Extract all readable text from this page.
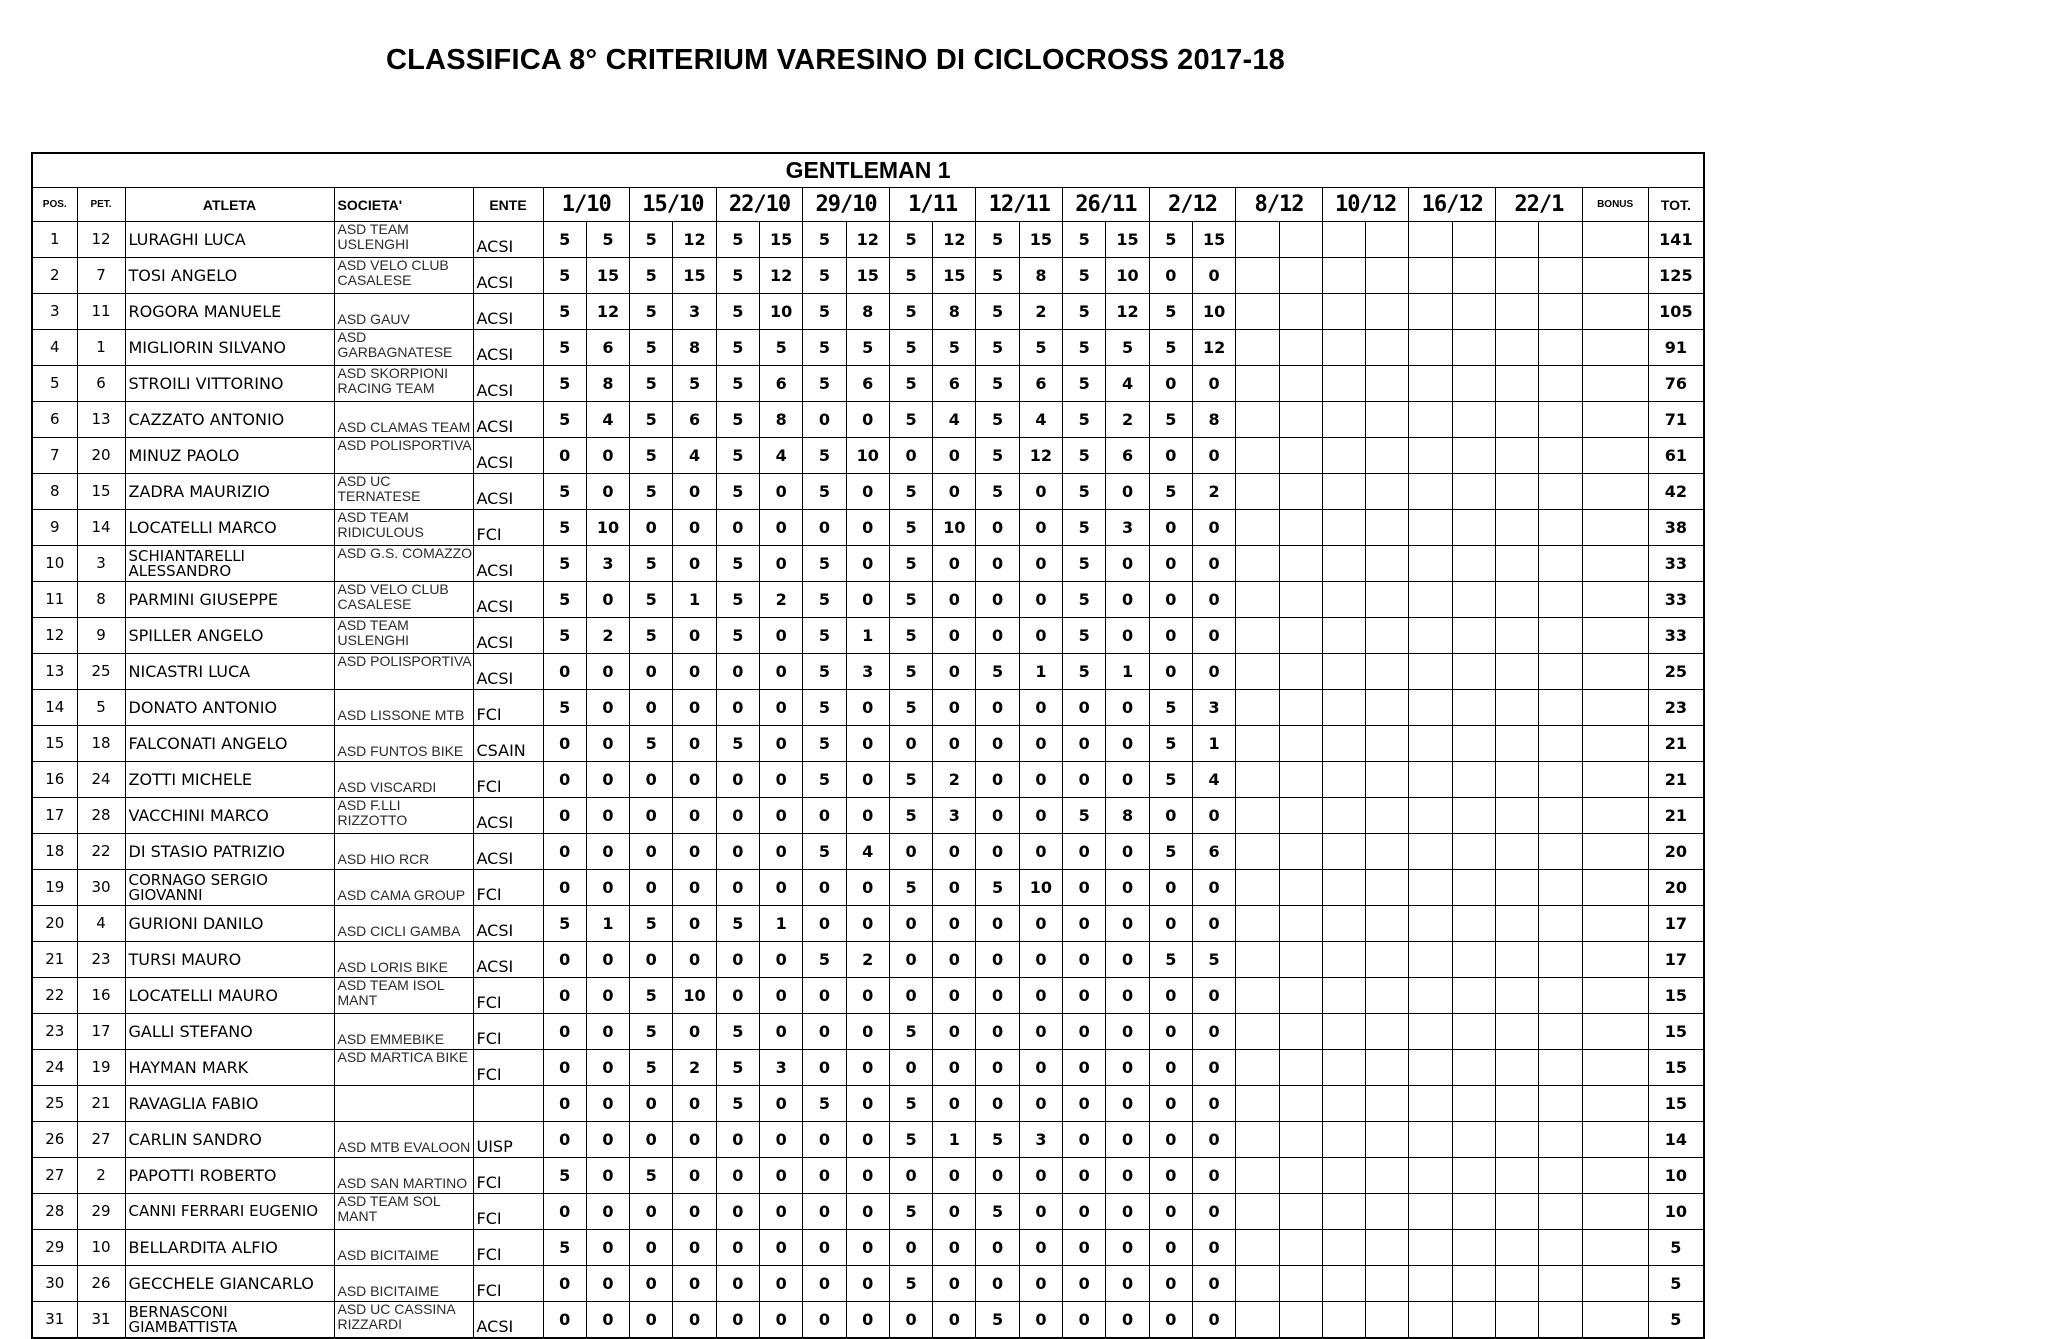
CLASSIFICA 8° CRITERIUM VARESINO DI CICLOCROSS 2017-18
GENTLEMAN 1																														
POS.	PET.	ATLETA	SOCIETA'	ENTE	1/10		15/10		22/10		29/10		1/11		12/11		26/11		2/12		8/12		10/12		16/12		22/1		BONUS	TOT.
1	12	LURAGHI LUCA	ASD TEAM USLENGHI	ACSI	5	5	5	12	5	15	5	12	5	12	5	15	5	15	5	15										141
2	7	TOSI ANGELO	ASD VELO CLUB CASALESE	ACSI	5	15	5	15	5	12	5	15	5	15	5	8	5	10	0	0										125
3	11	ROGORA MANUELE	ASD GAUV	ACSI	5	12	5	3	5	10	5	8	5	8	5	2	5	12	5	10										105
4	1	MIGLIORIN SILVANO	ASD GARBAGNATESE	ACSI	5	6	5	8	5	5	5	5	5	5	5	5	5	5	5	12										91
5	6	STROILI VITTORINO	ASD SKORPIONI RACING TEAM	ACSI	5	8	5	5	5	6	5	6	5	6	5	6	5	4	0	0										76
6	13	CAZZATO ANTONIO	ASD CLAMAS TEAM	ACSI	5	4	5	6	5	8	0	0	5	4	5	4	5	2	5	8										71
7	20	MINUZ PAOLO	ASD POLISPORTIVA	ACSI	0	0	5	4	5	4	5	10	0	0	5	12	5	6	0	0										61
8	15	ZADRA MAURIZIO	ASD UC TERNATESE	ACSI	5	0	5	0	5	0	5	0	5	0	5	0	5	0	5	2										42
9	14	LOCATELLI MARCO	ASD TEAM RIDICULOUS	FCI	5	10	0	0	0	0	0	0	5	10	0	0	5	3	0	0										38
10	3	SCHIANTARELLI ALESSANDRO	ASD G.S. COMAZZO	ACSI	5	3	5	0	5	0	5	0	5	0	0	0	5	0	0	0										33
11	8	PARMINI GIUSEPPE	ASD VELO CLUB CASALESE	ACSI	5	0	5	1	5	2	5	0	5	0	0	0	5	0	0	0										33
12	9	SPILLER ANGELO	ASD TEAM USLENGHI	ACSI	5	2	5	0	5	0	5	1	5	0	0	0	5	0	0	0										33
13	25	NICASTRI LUCA	ASD POLISPORTIVA	ACSI	0	0	0	0	0	0	5	3	5	0	5	1	5	1	0	0										25
14	5	DONATO ANTONIO	ASD LISSONE MTB	FCI	5	0	0	0	0	0	5	0	5	0	0	0	0	0	5	3										23
15	18	FALCONATI ANGELO	ASD FUNTOS BIKE	CSAIN	0	0	5	0	5	0	5	0	0	0	0	0	0	0	5	1										21
16	24	ZOTTI MICHELE	ASD VISCARDI	FCI	0	0	0	0	0	0	5	0	5	2	0	0	0	0	5	4										21
17	28	VACCHINI MARCO	ASD F.LLI RIZZOTTO	ACSI	0	0	0	0	0	0	0	0	5	3	0	0	5	8	0	0										21
18	22	DI STASIO PATRIZIO	ASD HIO RCR	ACSI	0	0	0	0	0	0	5	4	0	0	0	0	0	0	5	6										20
19	30	CORNAGO SERGIO GIOVANNI	ASD CAMA GROUP	FCI	0	0	0	0	0	0	0	0	5	0	5	10	0	0	0	0										20
20	4	GURIONI DANILO	ASD CICLI GAMBA	ACSI	5	1	5	0	5	1	0	0	0	0	0	0	0	0	0	0										17
21	23	TURSI MAURO	ASD LORIS BIKE	ACSI	0	0	0	0	0	0	5	2	0	0	0	0	0	0	5	5										17
22	16	LOCATELLI MAURO	ASD TEAM ISOL MANT	FCI	0	0	5	10	0	0	0	0	0	0	0	0	0	0	0	0										15
23	17	GALLI STEFANO	ASD EMMEBIKE	FCI	0	0	5	0	5	0	0	0	5	0	0	0	0	0	0	0										15
24	19	HAYMAN MARK	ASD MARTICA BIKE	FCI	0	0	5	2	5	3	0	0	0	0	0	0	0	0	0	0										15
25	21	RAVAGLIA FABIO			0	0	0	0	5	0	5	0	5	0	0	0	0	0	0	0										15
26	27	CARLIN SANDRO	ASD MTB EVALOON	UISP	0	0	0	0	0	0	0	0	5	1	5	3	0	0	0	0										14
27	2	PAPOTTI ROBERTO	ASD SAN MARTINO	FCI	5	0	5	0	0	0	0	0	0	0	0	0	0	0	0	0										10
28	29	CANNI FERRARI EUGENIO	ASD TEAM SOL MANT	FCI	0	0	0	0	0	0	0	0	5	0	5	0	0	0	0	0										10
29	10	BELLARDITA ALFIO	ASD BICITAIME	FCI	5	0	0	0	0	0	0	0	0	0	0	0	0	0	0	0										5
30	26	GECCHELE GIANCARLO	ASD BICITAIME	FCI	0	0	0	0	0	0	0	0	5	0	0	0	0	0	0	0										5
31	31	BERNASCONI GIAMBATTISTA	ASD UC CASSINA RIZZARDI	ACSI	0	0	0	0	0	0	0	0	0	0	5	0	0	0	0	0										5
